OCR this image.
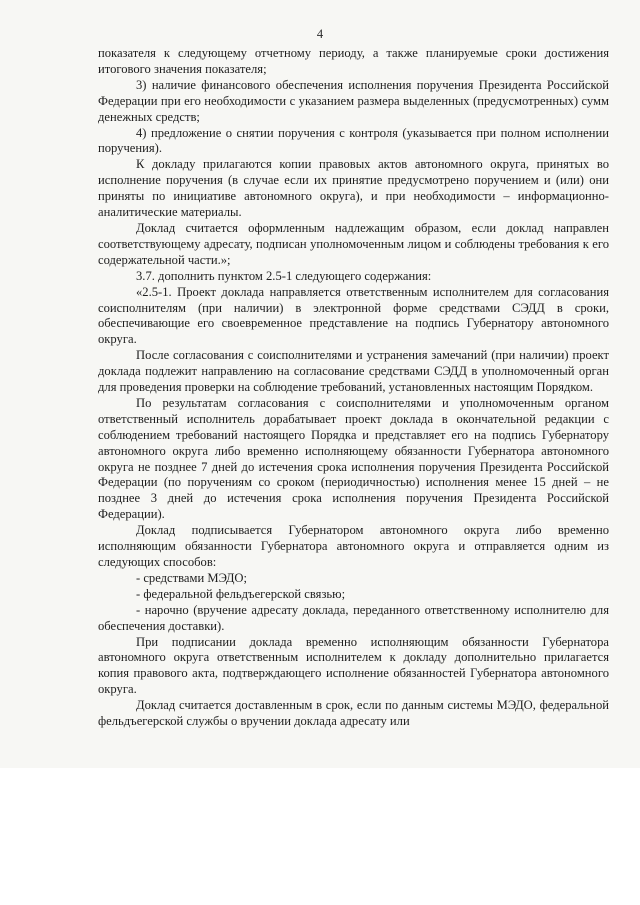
4

показателя к следующему отчетному периоду, а также планируемые сроки достижения итогового значения показателя;

3) наличие финансового обеспечения исполнения поручения Президента Российской Федерации при его необходимости с указанием размера выделенных (предусмотренных) сумм денежных средств;

4) предложение о снятии поручения с контроля (указывается при полном исполнении поручения).

К докладу прилагаются копии правовых актов автономного округа, принятых во исполнение поручения (в случае если их принятие предусмотрено поручением и (или) они приняты по инициативе автономного округа), и при необходимости – информационно-аналитические материалы.

Доклад считается оформленным надлежащим образом, если доклад направлен соответствующему адресату, подписан уполномоченным лицом и соблюдены требования к его содержательной части.»;

3.7. дополнить пунктом 2.5-1 следующего содержания:

«2.5-1. Проект доклада направляется ответственным исполнителем для согласования соисполнителям (при наличии) в электронной форме средствами СЭДД в сроки, обеспечивающие его своевременное представление на подпись Губернатору автономного округа.

После согласования с соисполнителями и устранения замечаний (при наличии) проект доклада подлежит направлению на согласование средствами СЭДД в уполномоченный орган для проведения проверки на соблюдение требований, установленных настоящим Порядком.

По результатам согласования с соисполнителями и уполномоченным органом ответственный исполнитель дорабатывает проект доклада в окончательной редакции с соблюдением требований настоящего Порядка и представляет его на подпись Губернатору автономного округа либо временно исполняющему обязанности Губернатора автономного округа не позднее 7 дней до истечения срока исполнения поручения Президента Российской Федерации (по поручениям со сроком (периодичностью) исполнения менее 15 дней – не позднее 3 дней до истечения срока исполнения поручения Президента Российской Федерации).

Доклад подписывается Губернатором автономного округа либо временно исполняющим обязанности Губернатора автономного округа и отправляется одним из следующих способов:

- средствами МЭДО;

- федеральной фельдъегерской связью;

- нарочно (вручение адресату доклада, переданного ответственному исполнителю для обеспечения доставки).

При подписании доклада временно исполняющим обязанности Губернатора автономного округа ответственным исполнителем к докладу дополнительно прилагается копия правового акта, подтверждающего исполнение обязанностей Губернатора автономного округа.

Доклад считается доставленным в срок, если по данным системы МЭДО, федеральной фельдъегерской службы о вручении доклада адресату или
